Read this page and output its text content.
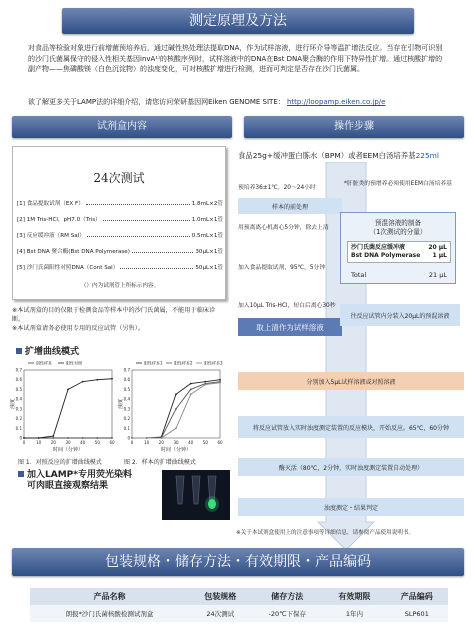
测定原理及方法

对食品等检验对象进行前增菌预培养后，通过碱性热处理法提取DNA，作为试样溶液，进行环介导等温扩增法反应。当存在引物可识别的沙门氏菌属保守的侵入性相关基因invA¹⁾的核酸序列时，试样溶液中的DNA在Bst DNA聚合酶的作用下特异性扩增。通过核酸扩增的副产物——焦磷酸镁（白色沉淀物）的浊度变化，可对核酸扩增进行检测，进而可判定是否存在沙门氏菌属。

欲了解更多关于LAMP法的详细介绍，请您访问荣研基因网Eiken GENOME SITE： http://loopamp.eiken.co.jp/e

试剂盒内容	操作步骤
24次测试
[1] 食品提取试剂（EX F）	1.8mL×2管
[2] 1M Tris-HCl，pH7.0（Tris）	1.0mL×1管
[3] 反应缓冲液（RM Sal）	0.5mL×1管
[4] Bst DNA 聚合酶(Bst DNA Polymerase)	30μL×1管
[5] 沙门氏菌阳性对照DNA（Cont Sal）	50μL×1管
（）内为试剂管上所标示内容。
※本试剂盒的目的仅限于检测食品等样本中的沙门氏菌属，不能用于临床诊断。
※本试剂盒请务必使用专用的反应试管（另售）。
扩增曲线模式
0
0.1
0.2
0.3
0.4
0.5
0.6
0.7
0	10 20 30 40 50 60
时间（分钟）
浊度
阴性样本	阳性对照
0
0.1
0.2
0.3
0.4
0.5
0.6
0.7
0	10 20 30 40 50 60
时间（分钟）
浊度
阳性样本1	阳性样本2	阳性样本3
图 1．对照反应的扩增曲线模式	图 2．样本的扩增曲线模式
加入LAMP*专用荧光染料
可肉眼直接观察结果
食品25g+缓冲蛋白胨水（BPM）或者EEM白汤培养基225ml
预培养36±1℃，20～24小时
样本的前处理
用预离离心机离心5分钟，除去上清
加入食品提取试剂，95℃，5分钟
加入10μL Tris-HCl，短白后离心30秒
取上清作为试样溶液
*肝脏类的预增养必须使用EEM白汤培养基
预混溶液的制备
（1次测试的分量）
沙门氏菌反应缓冲液	20 μL
Bst DNA Polymerase 1 μL
Total	21 μL
往反应试管内分装入20μL的预混溶液
分别加入5μL试样溶液或对照溶液
将反应试管放入实时浊度测定装置的反应模块，开始反应。65℃，60分钟
酶灭活（80℃，2分钟，实时浊度测定装置自动处理）
浊度测定・结果判定
※关于本试剂盒使用上的注意事项等详细信息，请参阅产品使用说明书。
包装规格・储存方法・有效期限・产品编码
产品名称	包装规格	储存方法	有效期限	产品编码
朗报*沙门氏菌核酸检测试剂盒	24次测试	-20℃下保存	1年内	SLP601
